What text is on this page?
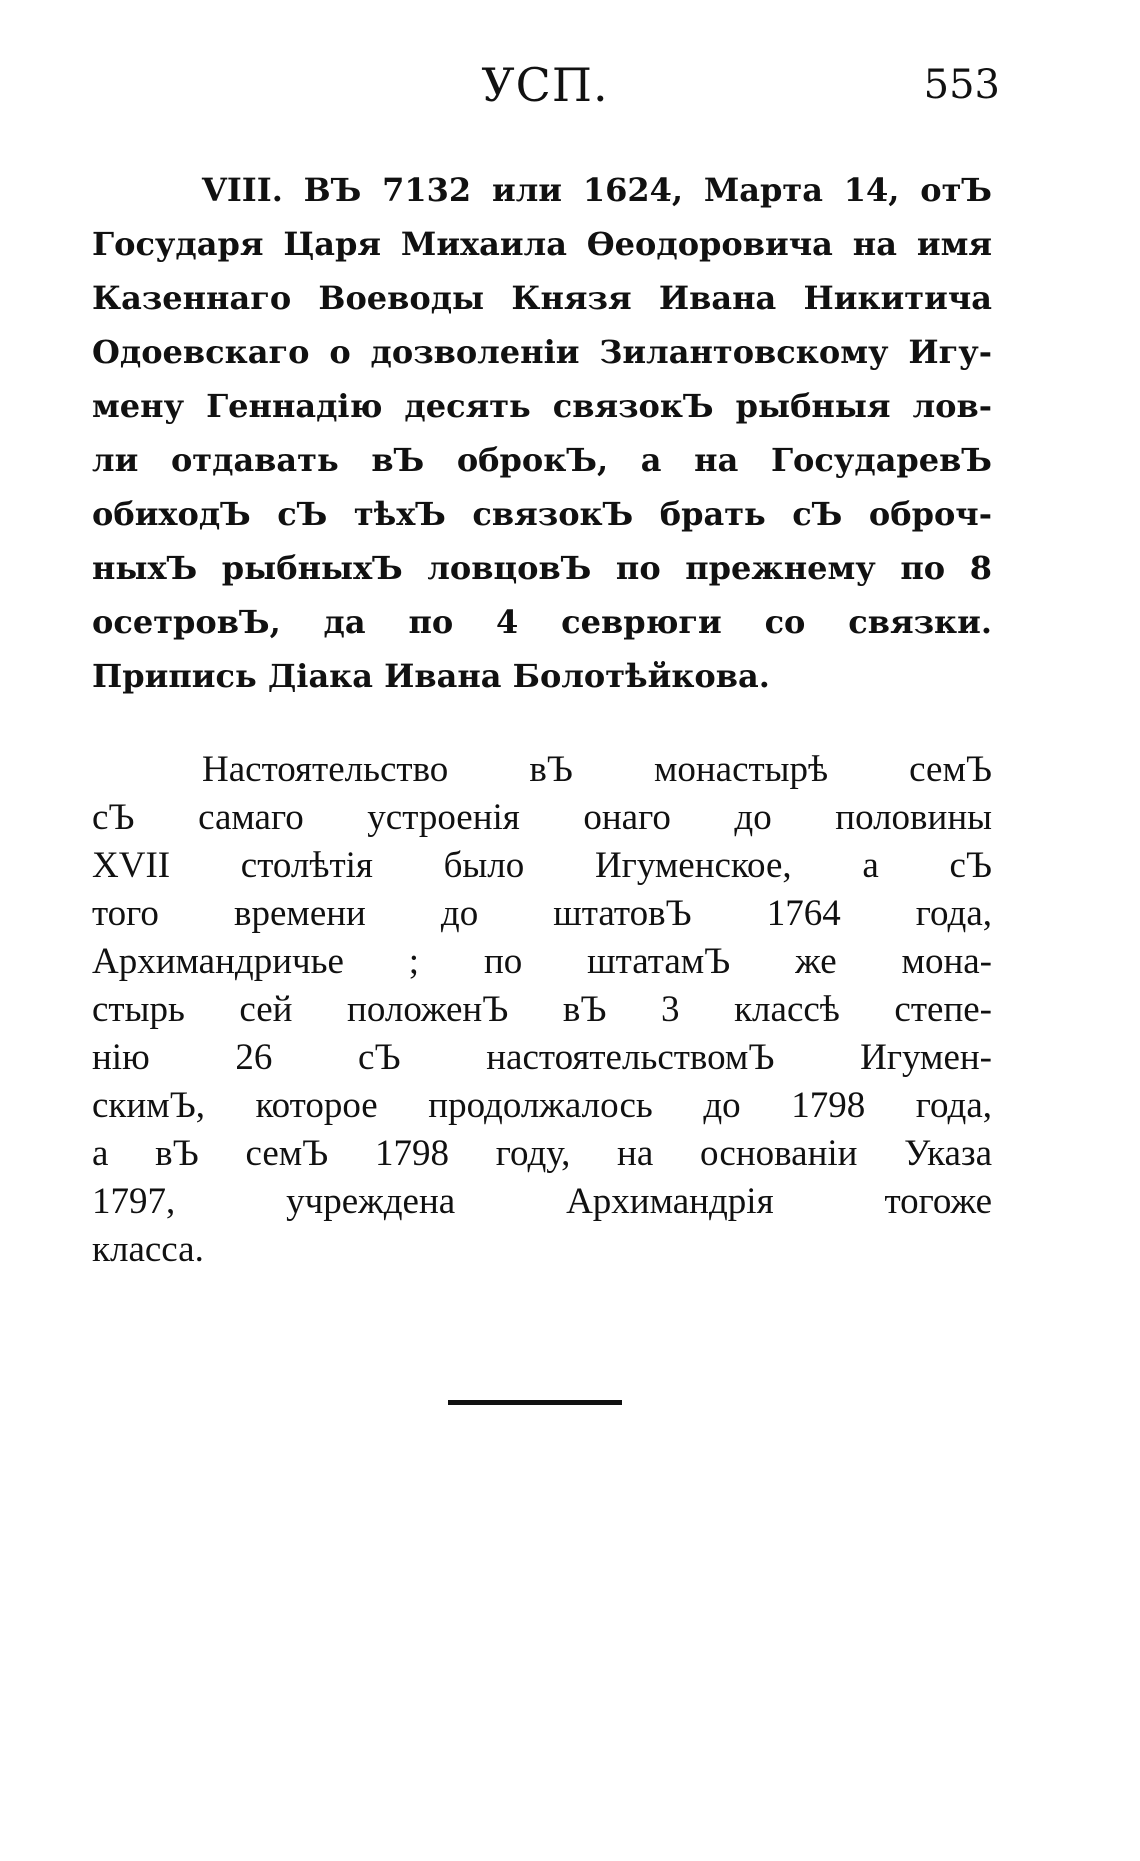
УСП.	553
VIII. ВЪ 7132 или 1624, Марта 14, отЪ
Государя Царя Михаила Ѳеодоровича на имя
Казеннаго Воеводы Князя Ивана Никитича
Одоевскаго о дозволеніи Зилантовскому Игу-
мену Геннадію десять связокЪ рыбныя лов-
ли отдавать вЪ оброкЪ, а на ГосударевЪ
обиходЪ сЪ тѣхЪ связокЪ брать сЪ оброч-
ныхЪ рыбныхЪ ловцовЪ по прежнему по 8
осетровЪ, да по 4 севрюги со связки.
Припись Діака Ивана Болотѣйкова.
Настоятельство вЪ монастырѣ семЪ
сЪ самаго устроенія онаго до половины
XVII столѣтія было Игуменское, а сЪ
того времени до штатовЪ 1764 года,
Архимандричье ; по штатамЪ же мона-
стырь сей положенЪ вЪ 3 классѣ степе-
нію 26 сЪ настоятельствомЪ Игумен-
скимЪ, которое продолжалось до 1798 года,
а вЪ семЪ 1798 году, на основаніи Указа
1797, учреждена Архимандрія тогоже
класса.
